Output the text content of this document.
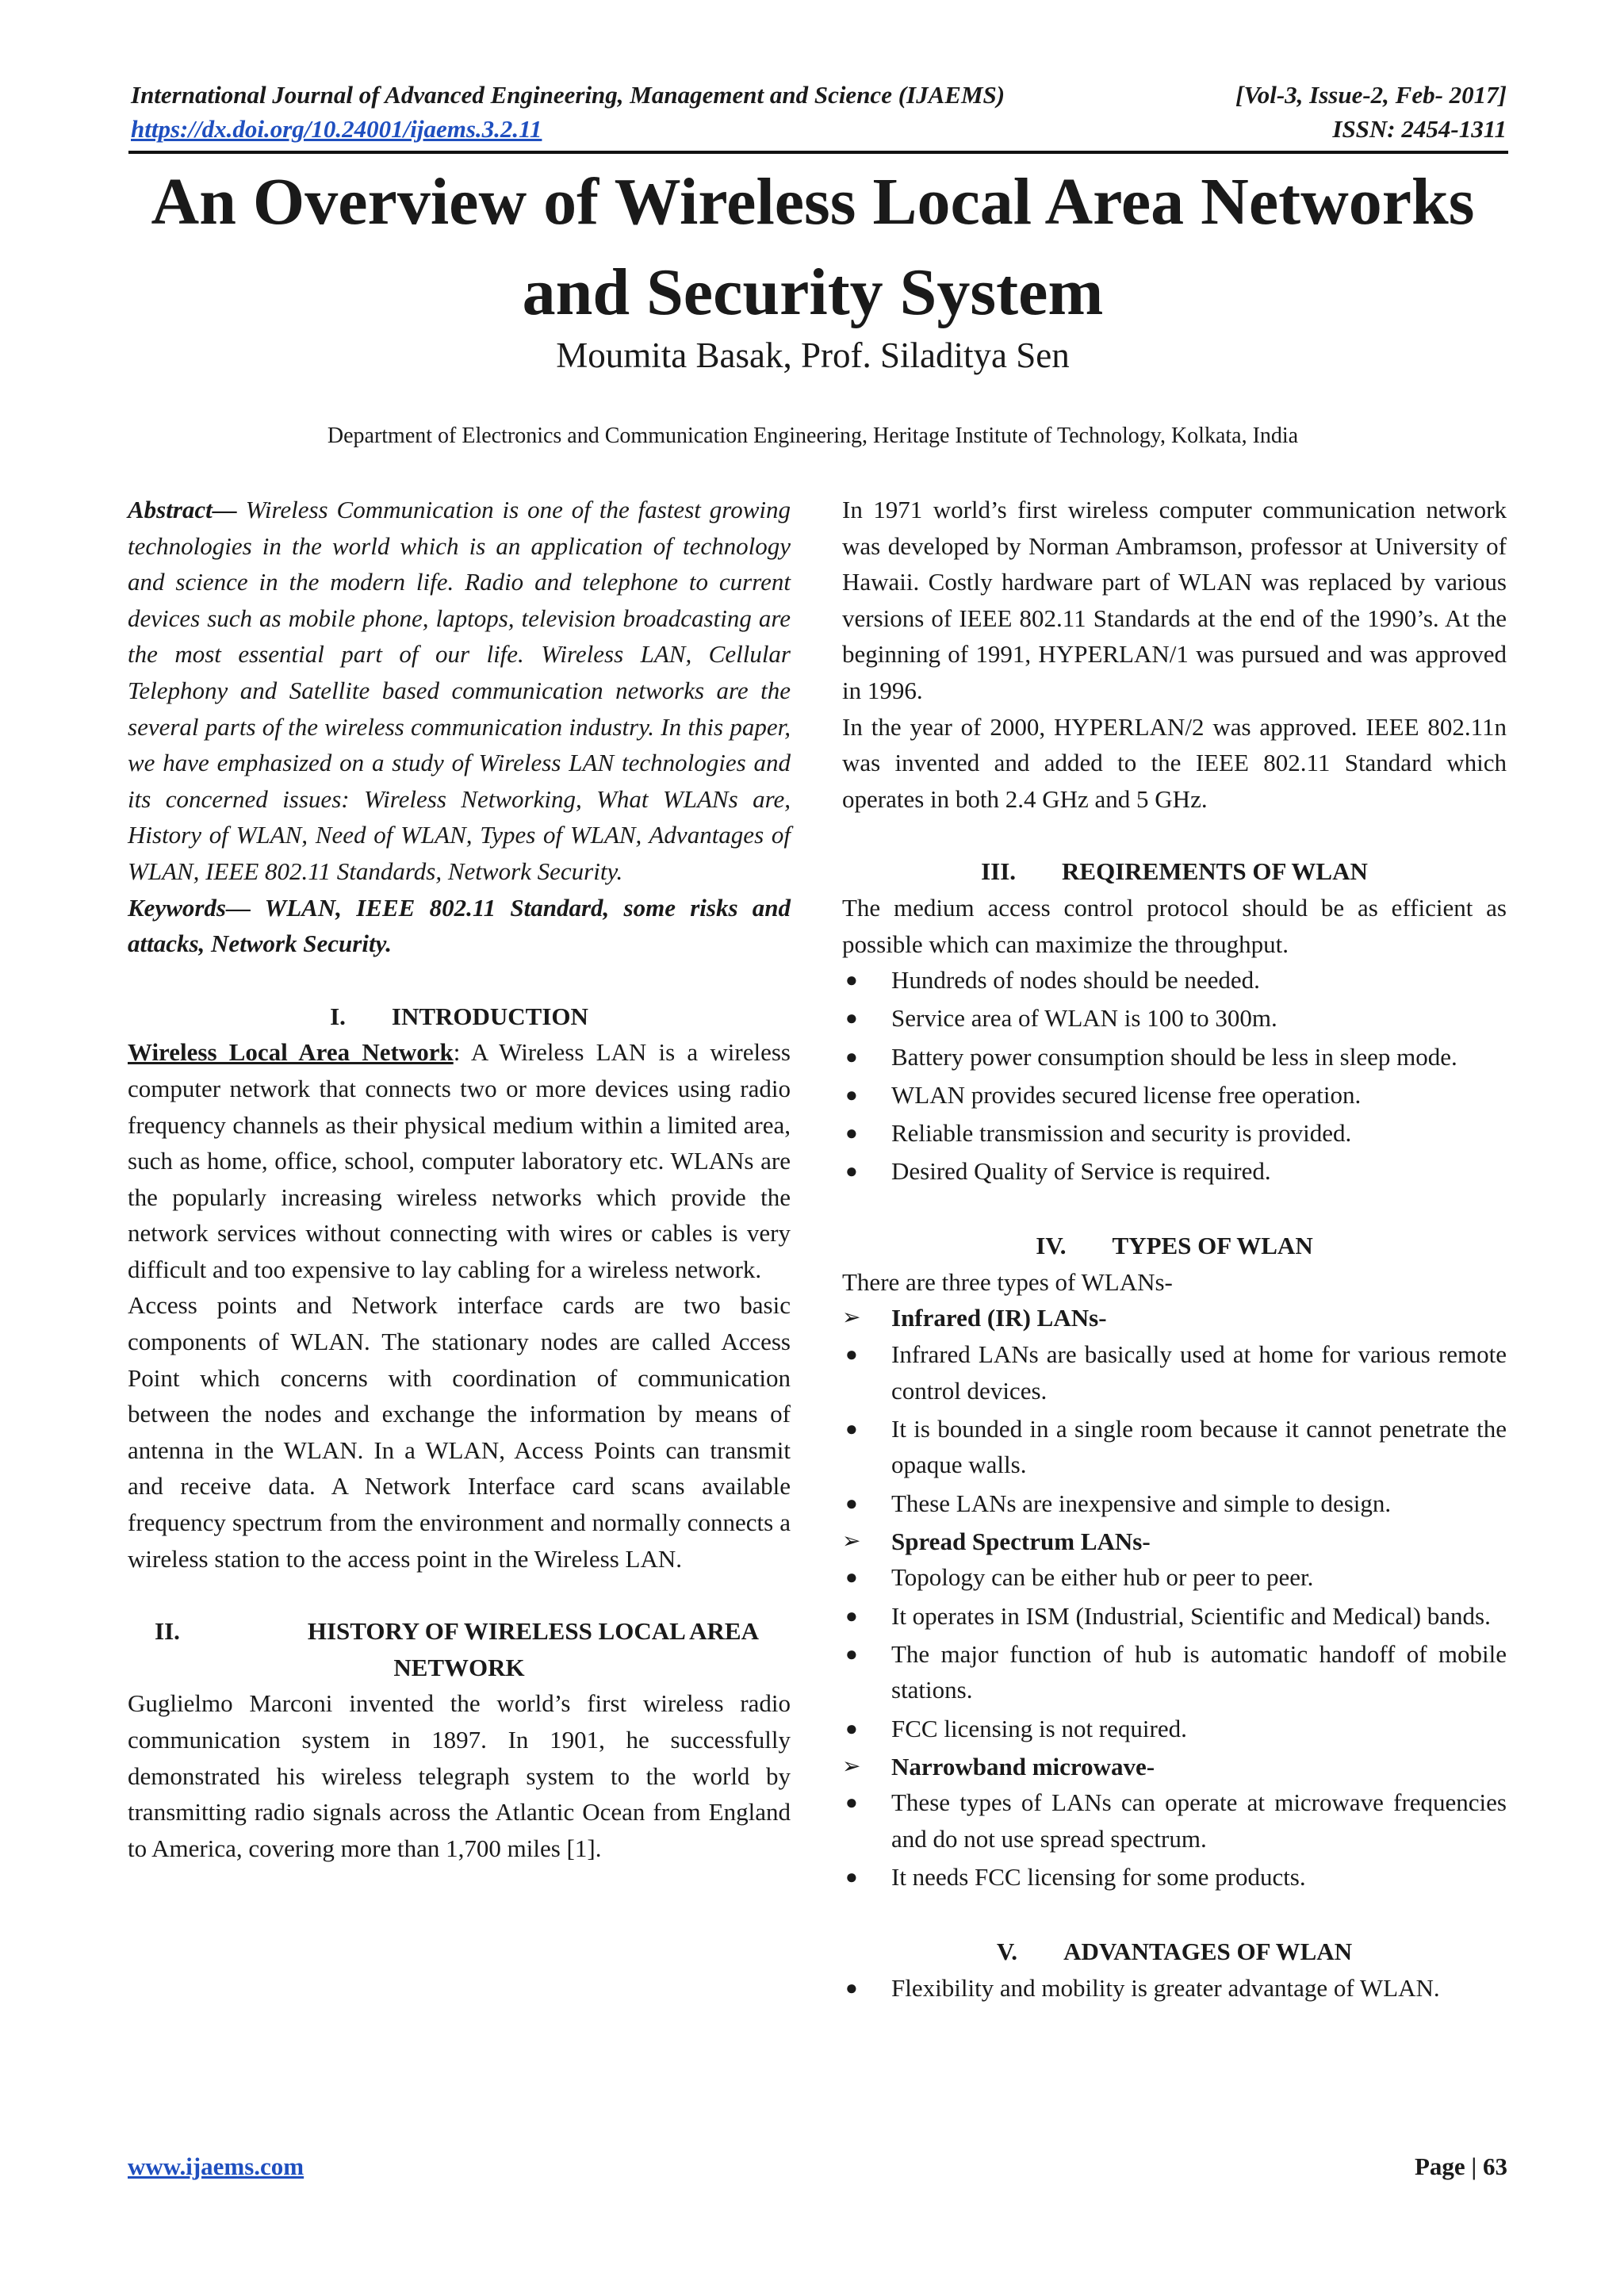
International Journal of Advanced Engineering, Management and Science (IJAEMS)	[Vol-3, Issue-2, Feb- 2017]
https://dx.doi.org/10.24001/ijaems.3.2.11	ISSN: 2454-1311
An Overview of Wireless Local Area Networks
and Security System
Moumita Basak, Prof. Siladitya Sen
Department of Electronics and Communication Engineering, Heritage Institute of Technology, Kolkata, India

Abstract— Wireless Communication is one of the fastest growing technologies in the world which is an application of technology and science in the modern life. Radio and telephone to current devices such as mobile phone, laptops, television broadcasting are the most essential part of our life. Wireless LAN, Cellular Telephony and Satellite based communication networks are the several parts of the wireless communication industry. In this paper, we have emphasized on a study of Wireless LAN technologies and its concerned issues: Wireless Networking, What WLANs are, History of WLAN, Need of WLAN, Types of WLAN, Advantages of WLAN, IEEE 802.11 Standards, Network Security.

Keywords— WLAN, IEEE 802.11 Standard, some risks and attacks, Network Security.

I. INTRODUCTION

Wireless Local Area Network: A Wireless LAN is a wireless computer network that connects two or more devices using radio frequency channels as their physical medium within a limited area, such as home, office, school, computer laboratory etc. WLANs are the popularly increasing wireless networks which provide the network services without connecting with wires or cables is very difficult and too expensive to lay cabling for a wireless network.

Access points and Network interface cards are two basic components of WLAN. The stationary nodes are called Access Point which concerns with coordination of communication between the nodes and exchange the information by means of antenna in the WLAN. In a WLAN, Access Points can transmit and receive data. A Network Interface card scans available frequency spectrum from the environment and normally connects a wireless station to the access point in the Wireless LAN.

II.	HISTORY OF WIRELESS LOCAL AREA
NETWORK

Guglielmo Marconi invented the world’s first wireless radio communication system in 1897. In 1901, he successfully demonstrated his wireless telegraph system to the world by transmitting radio signals across the Atlantic Ocean from England to America, covering more than 1,700 miles [1].

In 1971 world’s first wireless computer communication network was developed by Norman Ambramson, professor at University of Hawaii. Costly hardware part of WLAN was replaced by various versions of IEEE 802.11 Standards at the end of the 1990’s. At the beginning of 1991, HYPERLAN/1 was pursued and was approved in 1996.

In the year of 2000, HYPERLAN/2 was approved. IEEE 802.11n was invented and added to the IEEE 802.11 Standard which operates in both 2.4 GHz and 5 GHz.

III. REQIREMENTS OF WLAN

The medium access control protocol should be as efficient as possible which can maximize the throughput.

●	Hundreds of nodes should be needed.
●	Service area of WLAN is 100 to 300m.
●	Battery power consumption should be less in sleep mode.
●	WLAN provides secured license free operation.
●	Reliable transmission and security is provided.
●	Desired Quality of Service is required.
IV. TYPES OF WLAN

There are three types of WLANs-

➢ Infrared (IR) LANs-
●	Infrared LANs are basically used at home for various remote control devices.
●	It is bounded in a single room because it cannot penetrate the opaque walls.
●	These LANs are inexpensive and simple to design.
➢ Spread Spectrum LANs-
●	Topology can be either hub or peer to peer.
●	It operates in ISM (Industrial, Scientific and Medical) bands.
●	The major function of hub is automatic handoff of mobile stations.
●	FCC licensing is not required.
➢ Narrowband microwave-
●	These types of LANs can operate at microwave frequencies and do not use spread spectrum.
●	It needs FCC licensing for some products.
V. ADVANTAGES OF WLAN
●	Flexibility and mobility is greater advantage of WLAN.
www.ijaems.com	Page | 63
